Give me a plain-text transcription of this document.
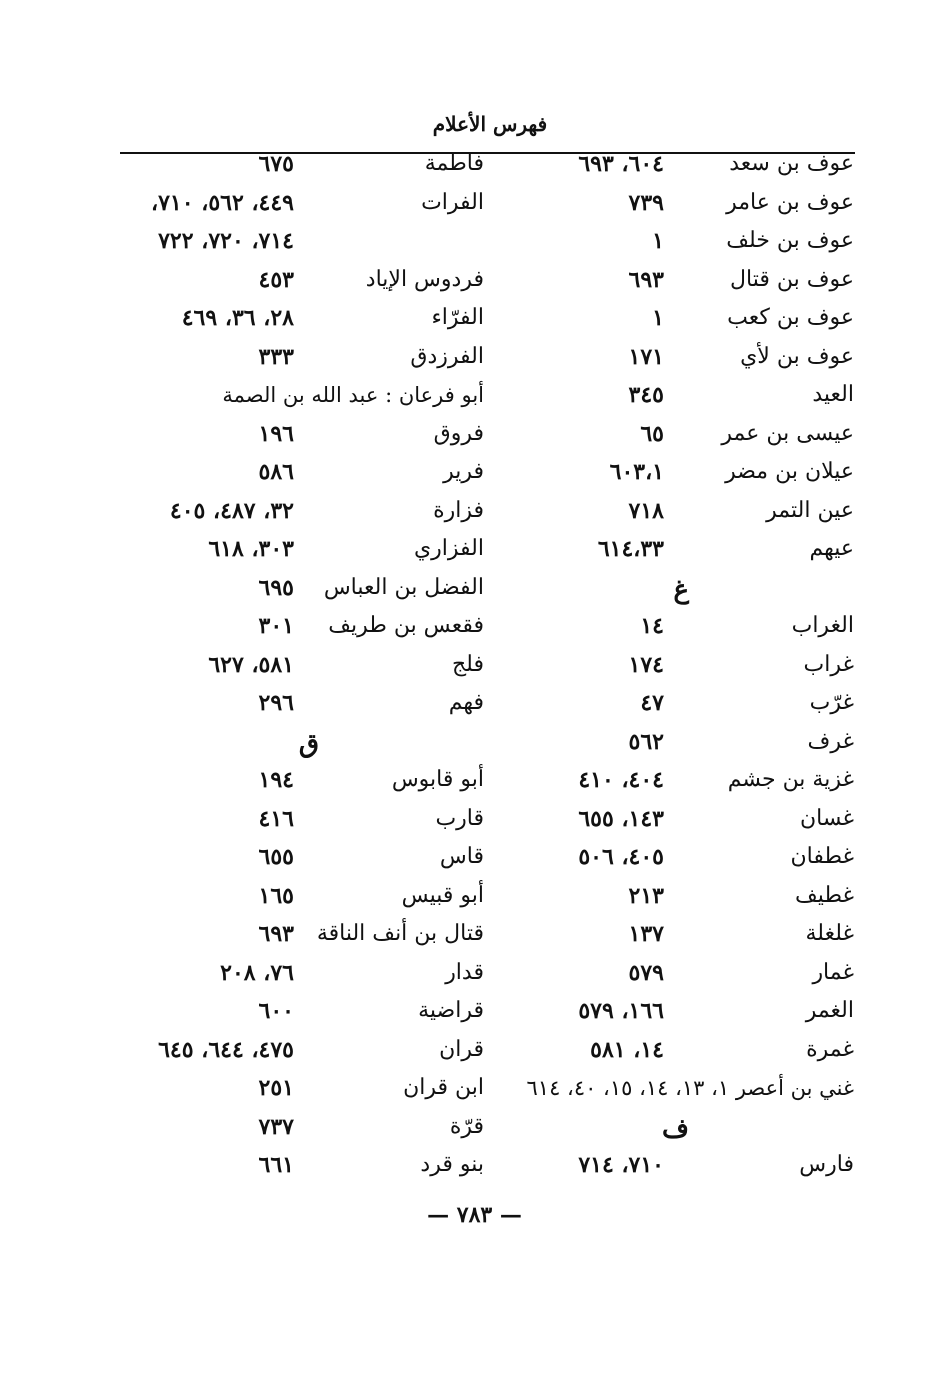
فهرس الأعلام
عوف بن سعد
٦٠٤، ٦٩٣
عوف بن عامر
٧٣٩
عوف بن خلف
١
عوف بن قتال
٦٩٣
عوف بن كعب
١
عوف بن لأي
١٧١
العيد
٣٤٥
عيسى بن عمر
٦٥
عيلان بن مضر
٦٠٣،١
عين التمر
٧١٨
عيهم
٦١٤،٣٣
غ
الغراب
١٤
غراب
١٧٤
غرّب
٤٧
غرف
٥٦٢
غزية بن جشم
٤٠٤، ٤١٠
غسان
١٤٣، ٦٥٥
غطفان
٤٠٥، ٥٠٦
غطيف
٢١٣
غلغلة
١٣٧
غمار
٥٧٩
الغمر
١٦٦، ٥٧٩
غمرة
١٤، ٥٨١
غني بن أعصر ١، ١٣، ١٤، ١٥، ٤٠، ٦١٤
ف
فارس
٧١٠، ٧١٤
فاطمة
٦٧٥
الفرات
٤٤٩، ٥٦٢، ٧١٠،
٧١٤، ٧٢٠، ٧٢٢
فردوس الإياد
٤٥٣
الفرّاء
٢٨، ٣٦، ٤٦٩
الفرزدق
٣٣٣
أبو فرعان : عبد الله بن الصمة
فروق
١٩٦
فرير
٥٨٦
فزارة
٣٢، ٤٨٧، ٤٠٥
الفزاري
٣٠٣، ٦١٨
الفضل بن العباس
٦٩٥
فقعس بن طريف
٣٠١
فلج
٥٨١، ٦٢٧
فهم
٢٩٦
ق
أبو قابوس
١٩٤
قارب
٤١٦
قاس
٦٥٥
أبو قبيس
١٦٥
قتال بن أنف الناقة
٦٩٣
قدار
٧٦، ٢٠٨
قراضية
٦٠٠
قران
٤٧٥، ٦٤٤، ٦٤٥
ابن قران
٢٥١
قرّة
٧٣٧
بنو قرد
٦٦١
— ٧٨٣ —
